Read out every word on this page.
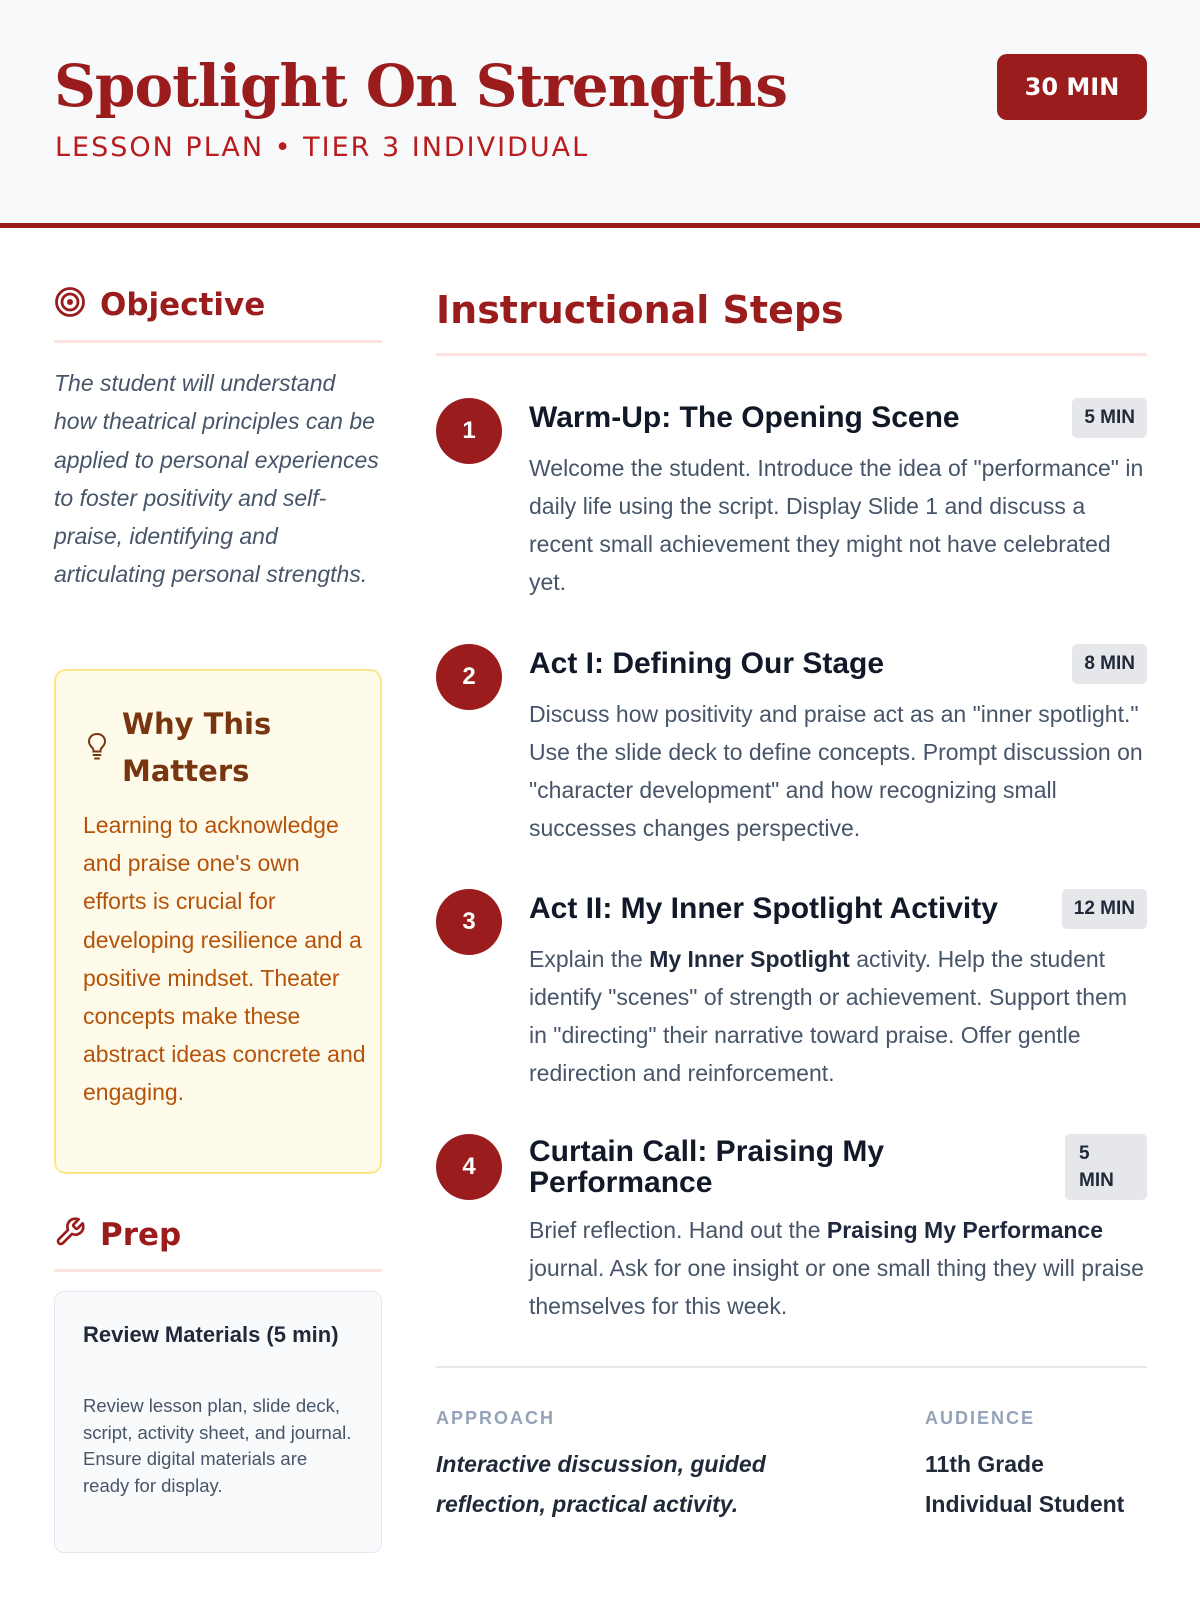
Spotlight On Strengths
LESSON PLAN • TIER 3 INDIVIDUAL
30 MIN
Objective
The student will understand how theatrical principles can be applied to personal experiences to foster positivity and self-praise, identifying and articulating personal strengths.
Why This Matters
Learning to acknowledge and praise one's own efforts is crucial for developing resilience and a positive mindset. Theater concepts make these abstract ideas concrete and engaging.
Prep
Review Materials (5 min)
Review lesson plan, slide deck, script, activity sheet, and journal. Ensure digital materials are ready for display.
Instructional Steps
1	Warm-Up: The Opening Scene	5 MIN
Welcome the student. Introduce the idea of "performance" in daily life using the script. Display Slide 1 and discuss a recent small achievement they might not have celebrated yet.
2	Act I: Defining Our Stage	8 MIN
Discuss how positivity and praise act as an "inner spotlight." Use the slide deck to define concepts. Prompt discussion on "character development" and how recognizing small successes changes perspective.
3	Act II: My Inner Spotlight Activity	12 MIN
Explain the My Inner Spotlight activity. Help the student identify "scenes" of strength or achievement. Support them in "directing" their narrative toward praise. Offer gentle redirection and reinforcement.
4	Curtain Call: Praising My Performance
5 MIN
Brief reflection. Hand out the Praising My Performance journal. Ask for one insight or one small thing they will praise themselves for this week.
APPROACH
Interactive discussion, guided reflection, practical activity.
AUDIENCE
11th Grade Individual Student
